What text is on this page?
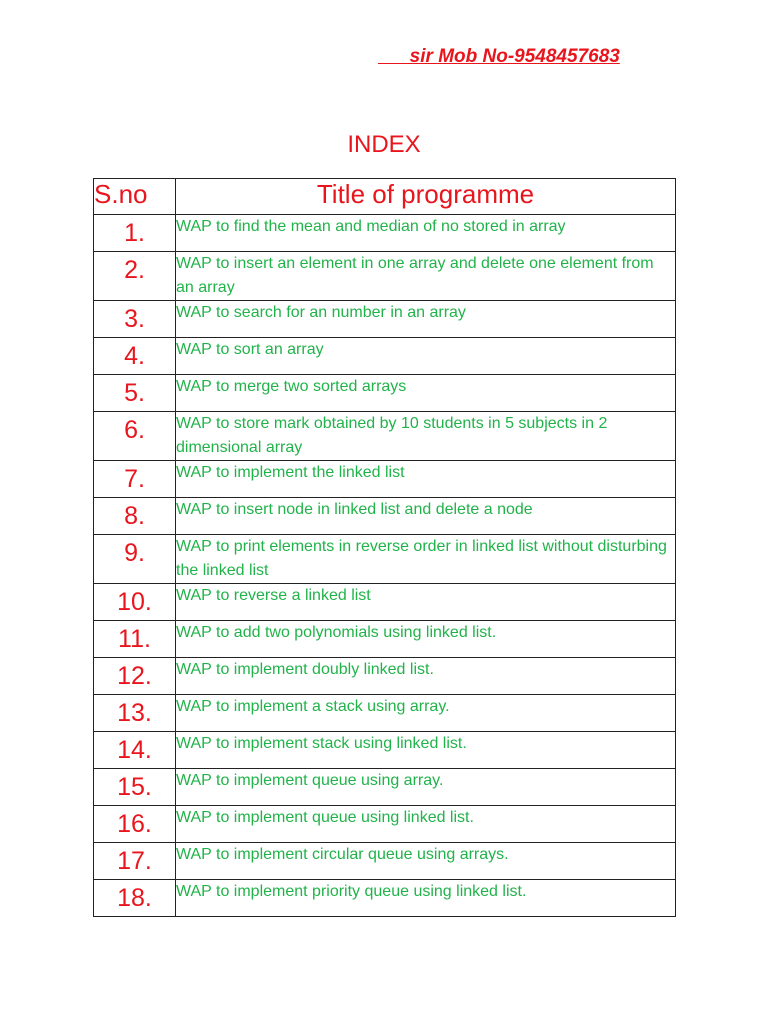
sir Mob No-9548457683
INDEX
S.no	Title of programme
1.	WAP to find the mean and median of no stored in array
2.	WAP to insert an element in one array and delete one element from an array
3.	WAP to search for an number in an array
4.	WAP to sort an array
5.	WAP to merge two sorted arrays
6.	WAP to store mark obtained by 10 students in 5 subjects in 2 dimensional array
7.	WAP to implement the linked list
8.	WAP to insert node in linked list and delete a node
9.	WAP to print elements in reverse order in linked list without disturbing the linked list
10.	WAP to reverse a linked list
11.	WAP to add two polynomials using linked list.
12.	WAP to implement doubly linked list.
13.	WAP to implement a stack using array.
14.	WAP to implement stack using linked list.
15.	WAP to implement queue using array.
16.	WAP to implement queue using linked list.
17.	WAP to implement circular queue using arrays.
18.	WAP to implement priority queue using linked list.
